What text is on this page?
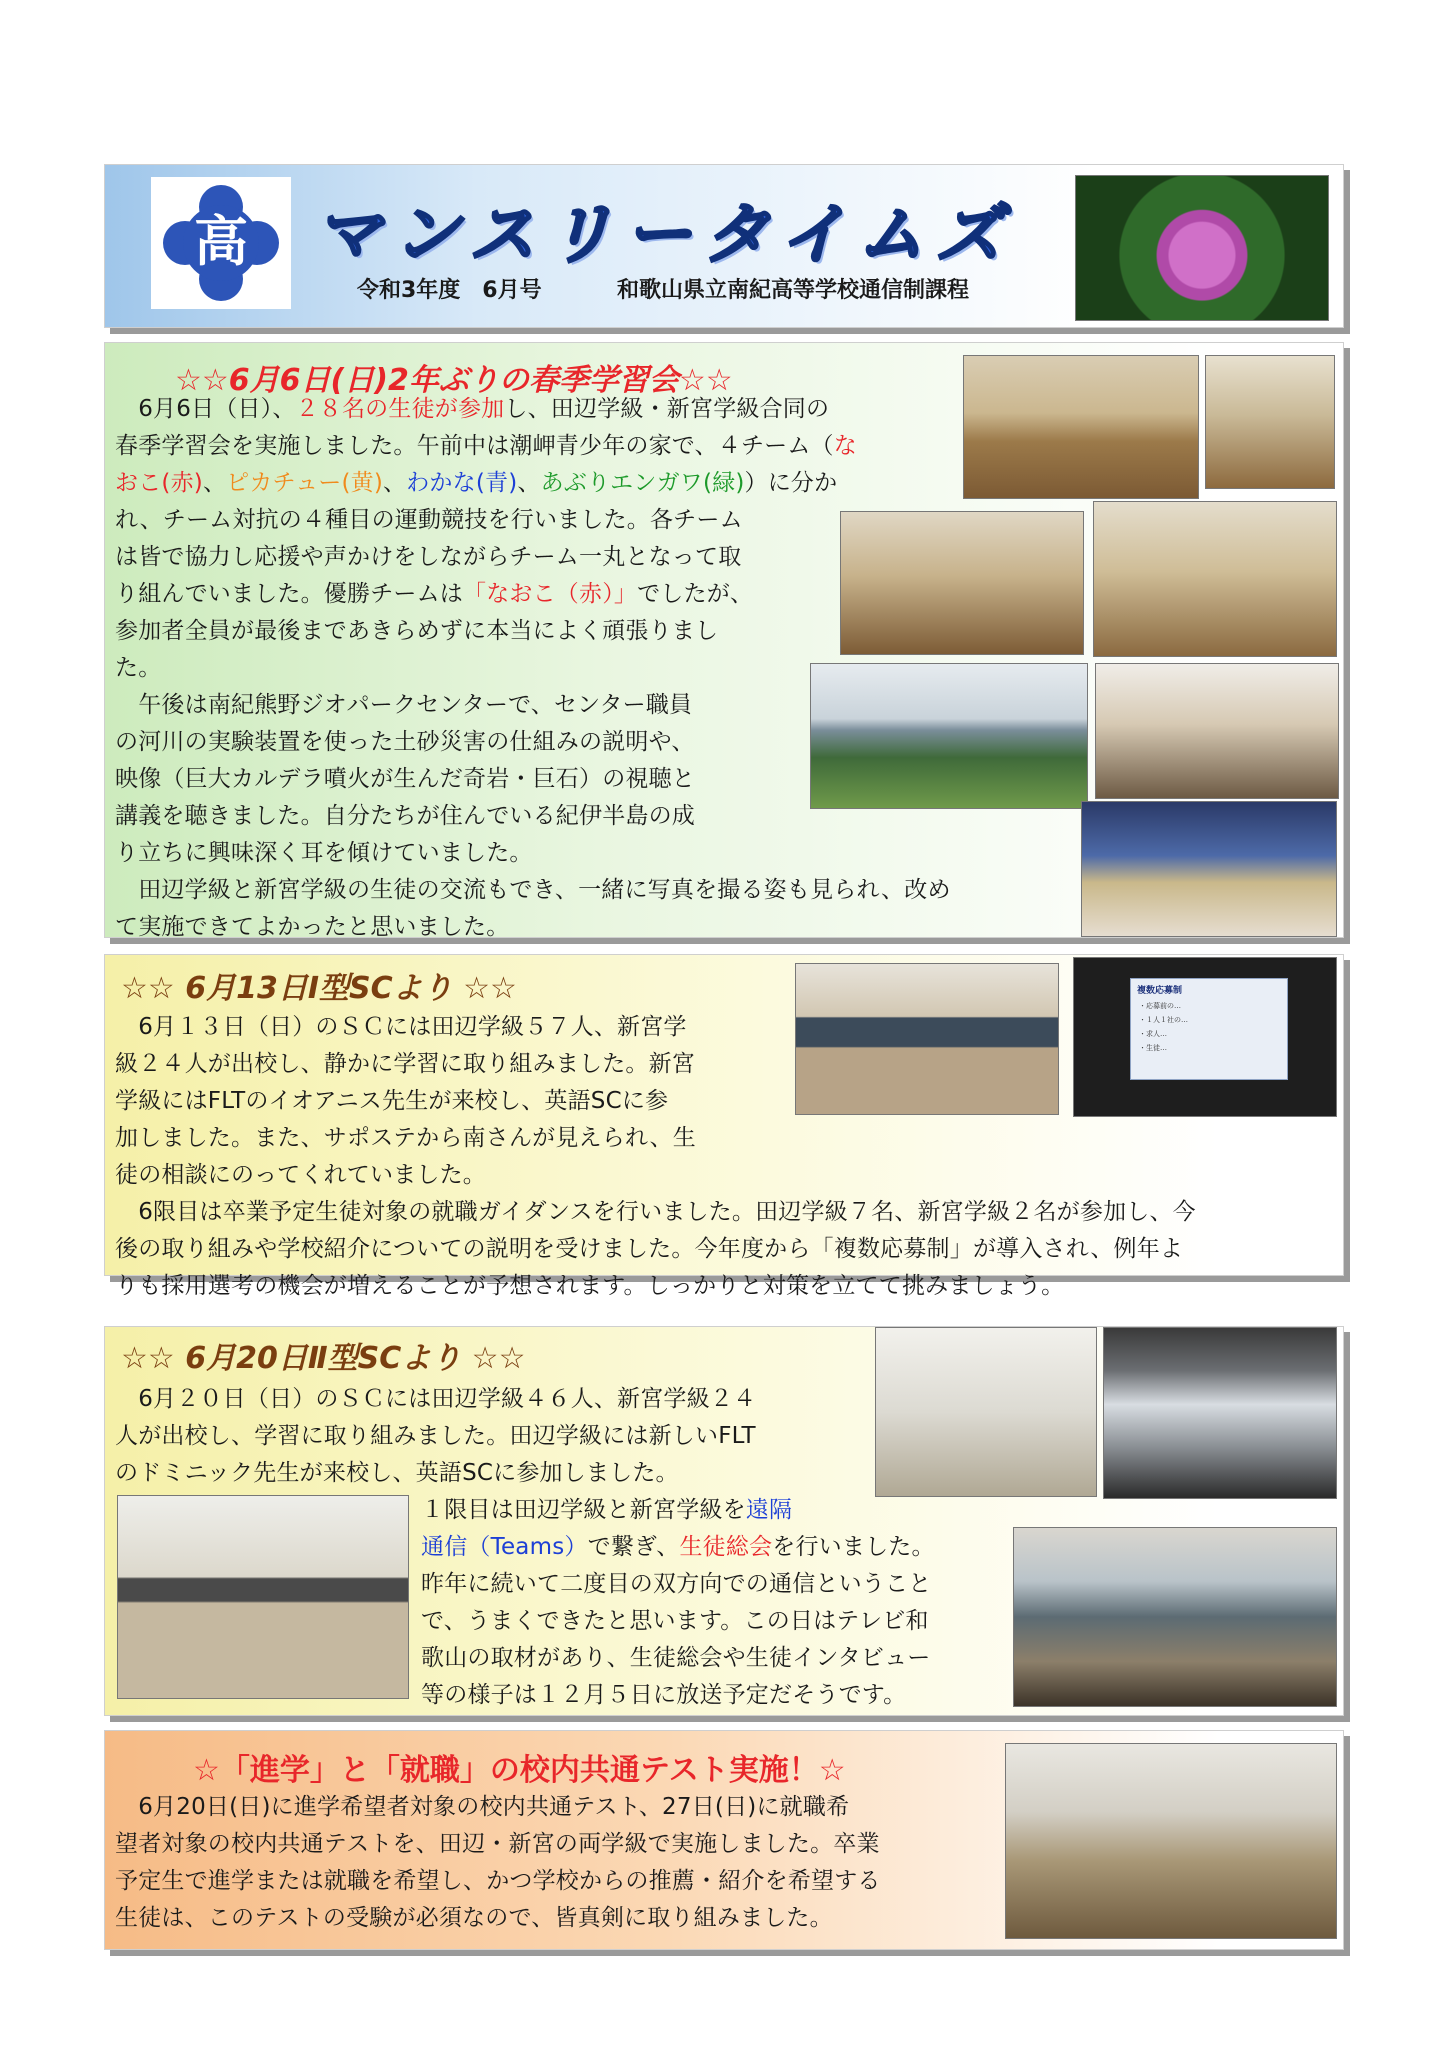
高	マンスリータイムズ
令和3年度　6月号	和歌山県立南紀高等学校通信制課程
☆☆6月6日(日)2年ぶりの春季学習会☆☆
　6月6日（日）、２８名の生徒が参加し、田辺学級・新宮学級合同の
春季学習会を実施しました。午前中は潮岬青少年の家で、４チーム（な
おこ(赤)、ピカチュー(黄)、わかな(青)、あぶりエンガワ(緑)）に分か
れ、チーム対抗の４種目の運動競技を行いました。各チーム
は皆で協力し応援や声かけをしながらチーム一丸となって取
り組んでいました。優勝チームは「なおこ（赤）」でしたが、
参加者全員が最後まであきらめずに本当によく頑張りまし
た。
　午後は南紀熊野ジオパークセンターで、センター職員
の河川の実験装置を使った土砂災害の仕組みの説明や、
映像（巨大カルデラ噴火が生んだ奇岩・巨石）の視聴と
講義を聴きました。自分たちが住んでいる紀伊半島の成
り立ちに興味深く耳を傾けていました。
　田辺学級と新宮学級の生徒の交流もでき、一緒に写真を撮る姿も見られ、改め
て実施できてよかったと思いました。
☆☆ 6月13日Ⅰ型SCより ☆☆
　6月１３日（日）のＳＣには田辺学級５７人、新宮学
級２４人が出校し、静かに学習に取り組みました。新宮
学級にはFLTのイオアニス先生が来校し、英語SCに参
加しました。また、サポステから南さんが見えられ、生
徒の相談にのってくれていました。
　6限目は卒業予定生徒対象の就職ガイダンスを行いました。田辺学級７名、新宮学級２名が参加し、今
後の取り組みや学校紹介についての説明を受けました。今年度から「複数応募制」が導入され、例年よ
りも採用選考の機会が増えることが予想されます。しっかりと対策を立てて挑みましょう。
複数応募制
・応募前の…
・１人１社の…
・求人…
・生徒…
☆☆ 6月20日Ⅱ型SCより ☆☆
　6月２０日（日）のＳＣには田辺学級４６人、新宮学級２４
人が出校し、学習に取り組みました。田辺学級には新しいFLT
のドミニック先生が来校し、英語SCに参加しました。
１限目は田辺学級と新宮学級を遠隔
通信（Teams）で繋ぎ、生徒総会を行いました。
昨年に続いて二度目の双方向での通信ということ
で、うまくできたと思います。この日はテレビ和
歌山の取材があり、生徒総会や生徒インタビュー
等の様子は１２月５日に放送予定だそうです。
☆「進学」と「就職」の校内共通テスト実施！☆
　6月20日(日)に進学希望者対象の校内共通テスト、27日(日)に就職希
望者対象の校内共通テストを、田辺・新宮の両学級で実施しました。卒業
予定生で進学または就職を希望し、かつ学校からの推薦・紹介を希望する
生徒は、このテストの受験が必須なので、皆真剣に取り組みました。
